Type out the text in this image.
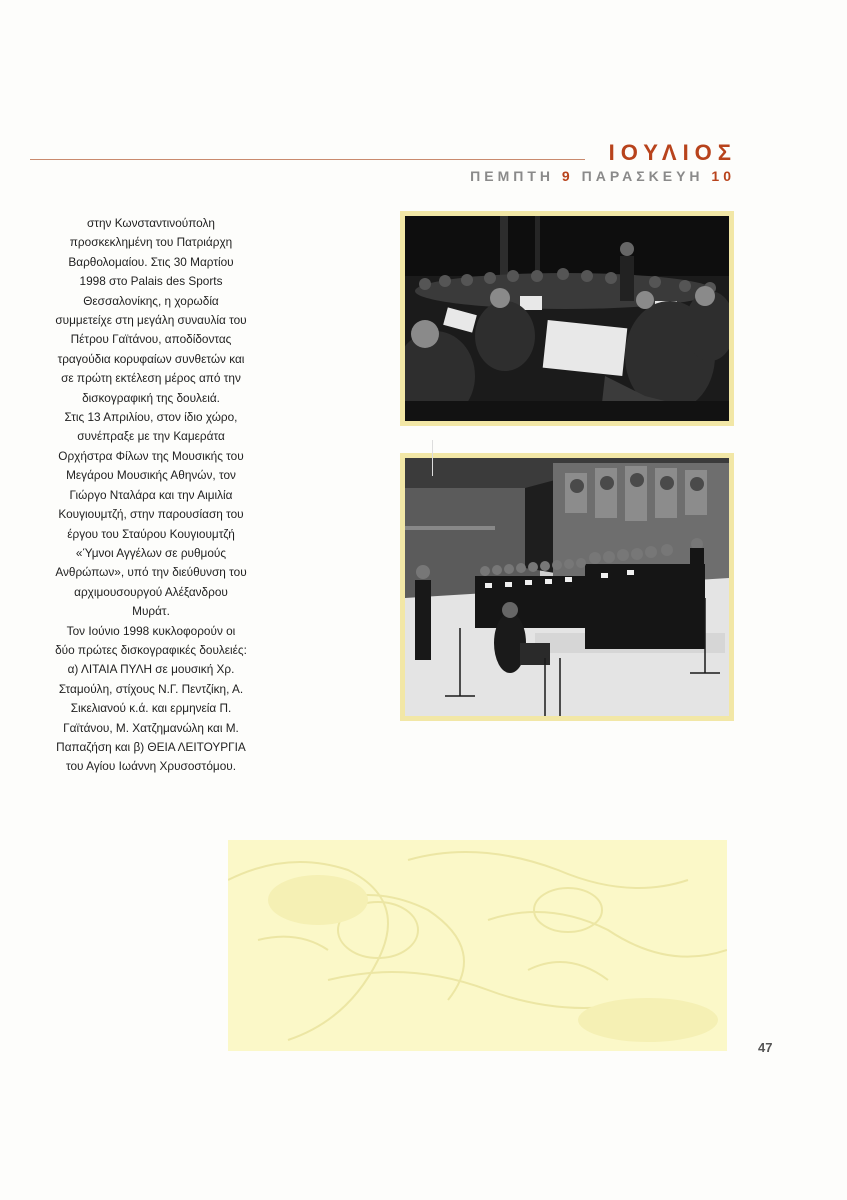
ΙΟΥΛΙΟΣ
ΠΕΜΠΤΗ 9 ΠΑΡΑΣΚΕΥΗ 10

στην Κωνσταντινούπολη

προσκεκλημένη του Πατριάρχη

Βαρθολομαίου. Στις 30 Μαρτίου

1998 στο Palais des Sports

Θεσσαλονίκης, η χορωδία

συμμετείχε στη μεγάλη συναυλία του

Πέτρου Γαϊτάνου, αποδίδοντας

τραγούδια κορυφαίων συνθετών και

σε πρώτη εκτέλεση μέρος από την

δισκογραφική της δουλειά.

Στις 13 Απριλίου, στον ίδιο χώρο,

συνέπραξε με την Καμεράτα

Ορχήστρα Φίλων της Μουσικής του

Μεγάρου Μουσικής Αθηνών, τον

Γιώργο Νταλάρα και την Αιμιλία

Κουγιουμτζή, στην παρουσίαση του

έργου του Σταύρου Κουγιουμτζή

«Ύμνοι Αγγέλων σε ρυθμούς

Ανθρώπων», υπό την διεύθυνση του

αρχιμουσουργού Αλέξανδρου

Μυράτ.

Τον Ιούνιο 1998 κυκλοφορούν οι

δύο πρώτες δισκογραφικές δουλειές:

α) ΛΙΤΑΙΑ ΠΥΛΗ σε μουσική Χρ.

Σταμούλη, στίχους Ν.Γ. Πεντζίκη, Α.

Σικελιανού κ.ά. και ερμηνεία Π.

Γαϊτάνου, Μ. Χατζημανώλη και Μ.

Παπαζήση και β) ΘΕΙΑ ΛΕΙΤΟΥΡΓΙΑ

του Αγίου Ιωάννη Χρυσοστόμου.

47
